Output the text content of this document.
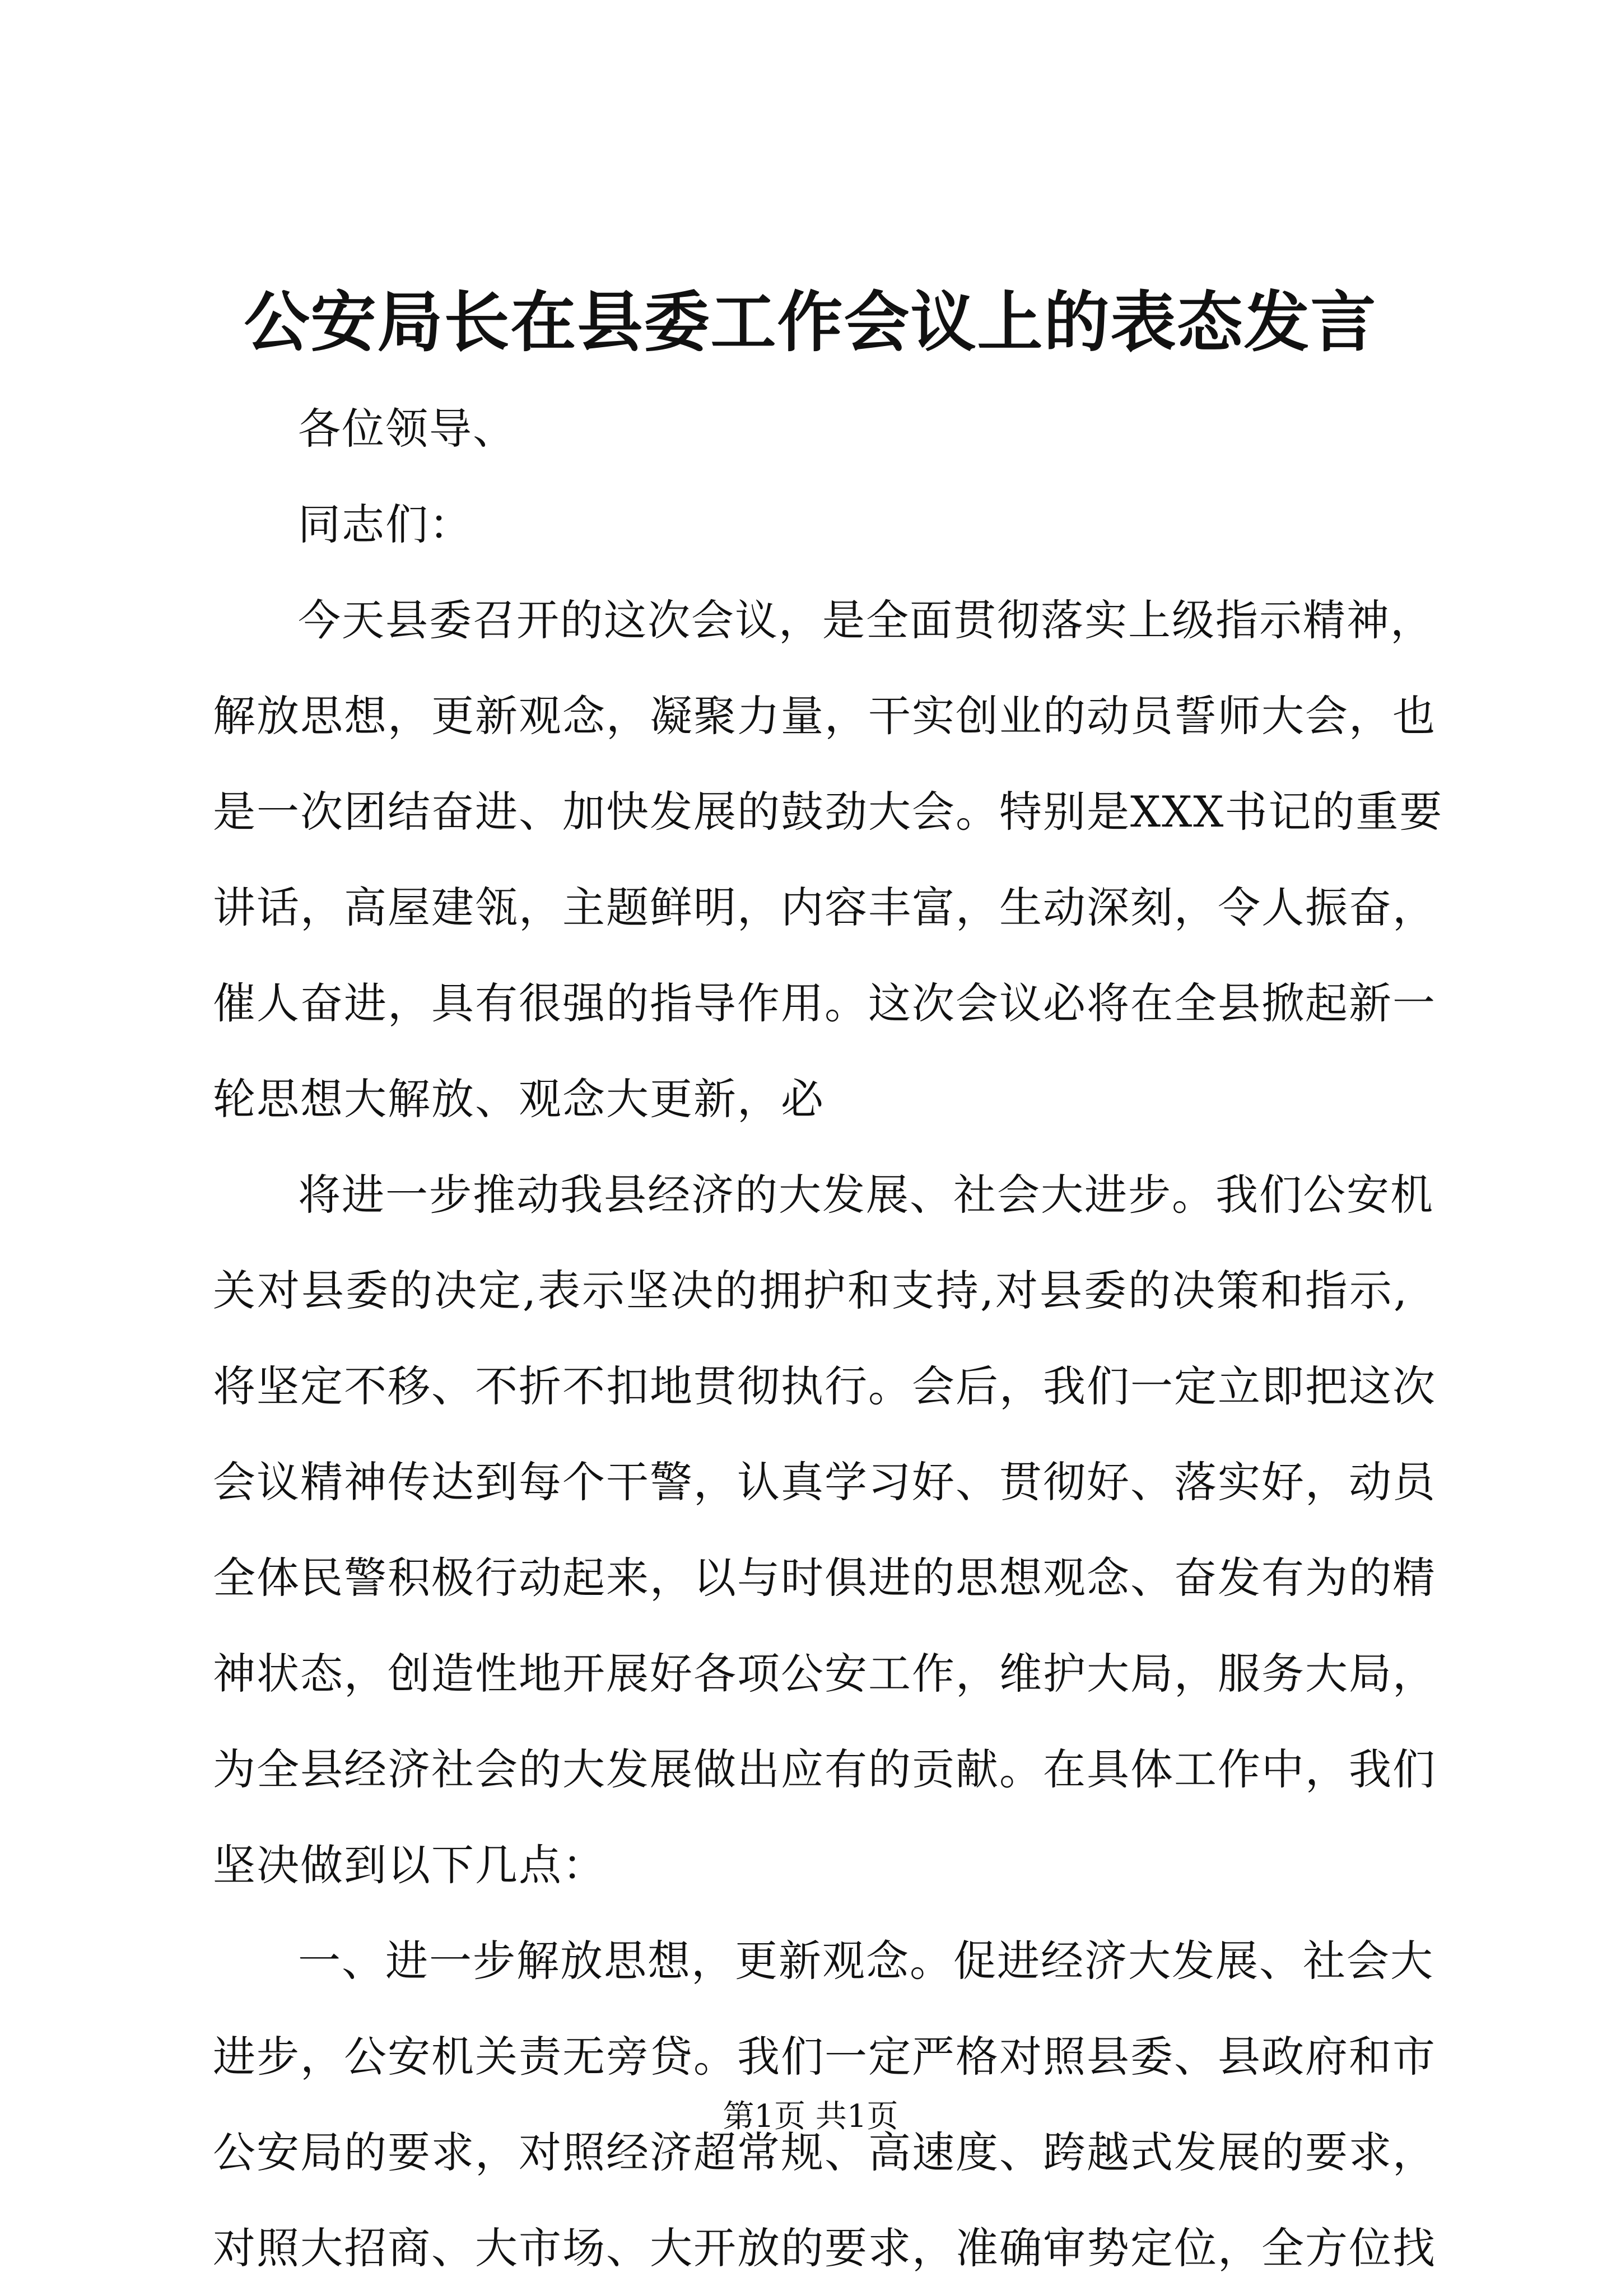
公安局长在县委工作会议上的表态发言
各位领导、
同志们：
今天县委召开的这次会议，是全面贯彻落实上级指示精神，
解放思想，更新观念，凝聚力量，干实创业的动员誓师大会，也
是一次团结奋进、加快发展的鼓劲大会。特别是XXX书记的重要
讲话，高屋建瓴，主题鲜明，内容丰富，生动深刻，令人振奋，
催人奋进，具有很强的指导作用。这次会议必将在全县掀起新一
轮思想大解放、观念大更新，必
将进一步推动我县经济的大发展、社会大进步。我们公安机
关对县委的决定,表示坚决的拥护和支持,对县委的决策和指示,
将坚定不移、不折不扣地贯彻执行。会后，我们一定立即把这次
会议精神传达到每个干警，认真学习好、贯彻好、落实好，动员
全体民警积极行动起来，以与时俱进的思想观念、奋发有为的精
神状态，创造性地开展好各项公安工作，维护大局，服务大局，
为全县经济社会的大发展做出应有的贡献。在具体工作中，我们
坚决做到以下几点：
一、进一步解放思想，更新观念。促进经济大发展、社会大
进步，公安机关责无旁贷。我们一定严格对照县委、县政府和市
公安局的要求，对照经济超常规、高速度、跨越式发展的要求，
对照大招商、大市场、大开放的要求，准确审势定位，全方位找
第1页 共1页
